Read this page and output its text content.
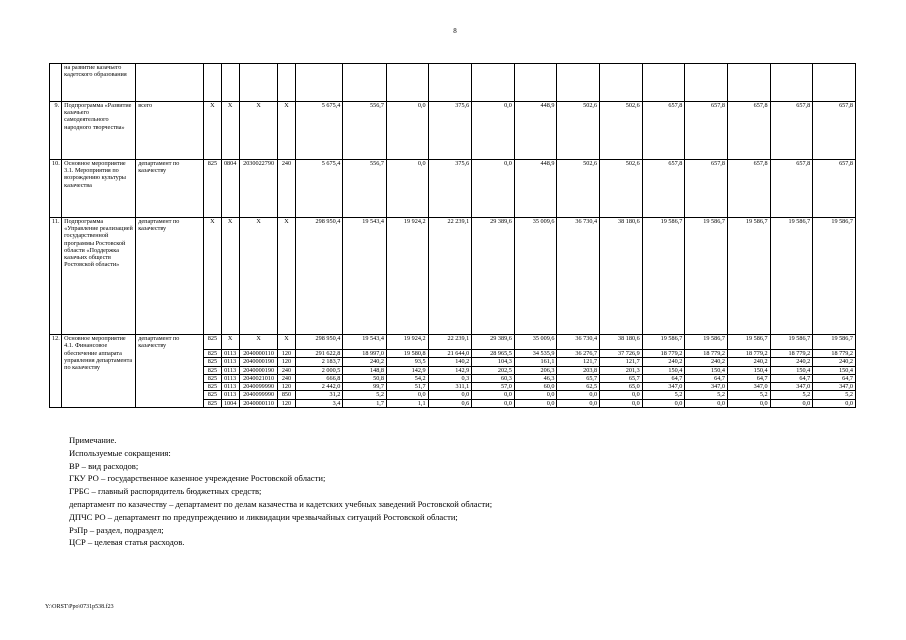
8
	на развитие казачьего кадетского образования																		
9.	Подпрограмма «Развитие казачьего самодеятельного народного творчества»	всего	Х	Х	Х	Х	5 675,4	556,7	0,0	375,6	0,0	448,9	502,6	502,6	657,8	657,8	657,8	657,8	657,8
10.	Основное мероприятие 3.1. Мероприятия по возрождению культуры казачества	департамент по казачеству	825	0804	2030022790	240	5 675,4	556,7	0,0	375,6	0,0	448,9	502,6	502,6	657,8	657,8	657,8	657,8	657,8
11.	Подпрограмма «Управление реализацией государственной программы Ростовской области «Поддержка казачьих обществ Ростовской области»	департамент по казачеству	Х	Х	Х	Х	298 950,4	19 543,4	19 924,2	22 239,1	29 389,6	35 009,6	36 730,4	38 180,6	19 586,7	19 586,7	19 586,7	19 586,7	19 586,7
12.	Основное мероприятие 4.1. Финансовое обеспечение аппарата управления департамента по казачеству	департамент по казачеству	825	Х	Х	Х	298 950,4	19 543,4	19 924,2	22 239,1	29 389,6	35 009,6	36 730,4	38 180,6	19 586,7	19 586,7	19 586,7	19 586,7	19 586,7
			825	0113	2040000110	120	291 622,8	18 997,0	19 580,8	21 644,0	28 965,5	34 535,9	36 276,7	37 726,9	18 779,2	18 779,2	18 779,2	18 779,2	18 779,2
			825	0113	2040000190	120	2 183,7	240,2	93,5	140,2	104,3	161,1	121,7	121,7	240,2	240,2	240,2	240,2	240,2
			825	0113	2040000190	240	2 000,5	148,8	142,9	142,9	202,5	206,3	203,8	201,3	150,4	150,4	150,4	150,4	150,4
			825	0113	2040021010	240	666,8	50,8	54,2	0,3	60,3	46,3	65,7	65,7	64,7	64,7	64,7	64,7	64,7
			825	0113	2040099990	120	2 442,0	99,7	51,7	311,1	57,0	60,0	62,5	65,0	347,0	347,0	347,0	347,0	347,0
			825	0113	2040099990	850	31,2	5,2	0,0	0,0	0,0	0,0	0,0	0,0	5,2	5,2	5,2	5,2	5,2
			825	1004	2040000110	120	3,4	1,7	1,1	0,6	0,0	0,0	0,0	0,0	0,0	0,0	0,0	0,0	0,0
Примечание.
Используемые сокращения:
ВР – вид расходов;
ГКУ РО – государственное казенное учреждение Ростовской области;
ГРБС – главный распорядитель бюджетных средств;
департамент по казачеству – департамент по делам казачества и кадетских учебных заведений Ростовской области;
ДПЧС РО – департамент по предупреждению и ликвидации чрезвычайных ситуаций Ростовской области;
РзПр – раздел, подраздел;
ЦСР – целевая статья расходов.
Y:\ORST\Ppo\0731p538.f23
